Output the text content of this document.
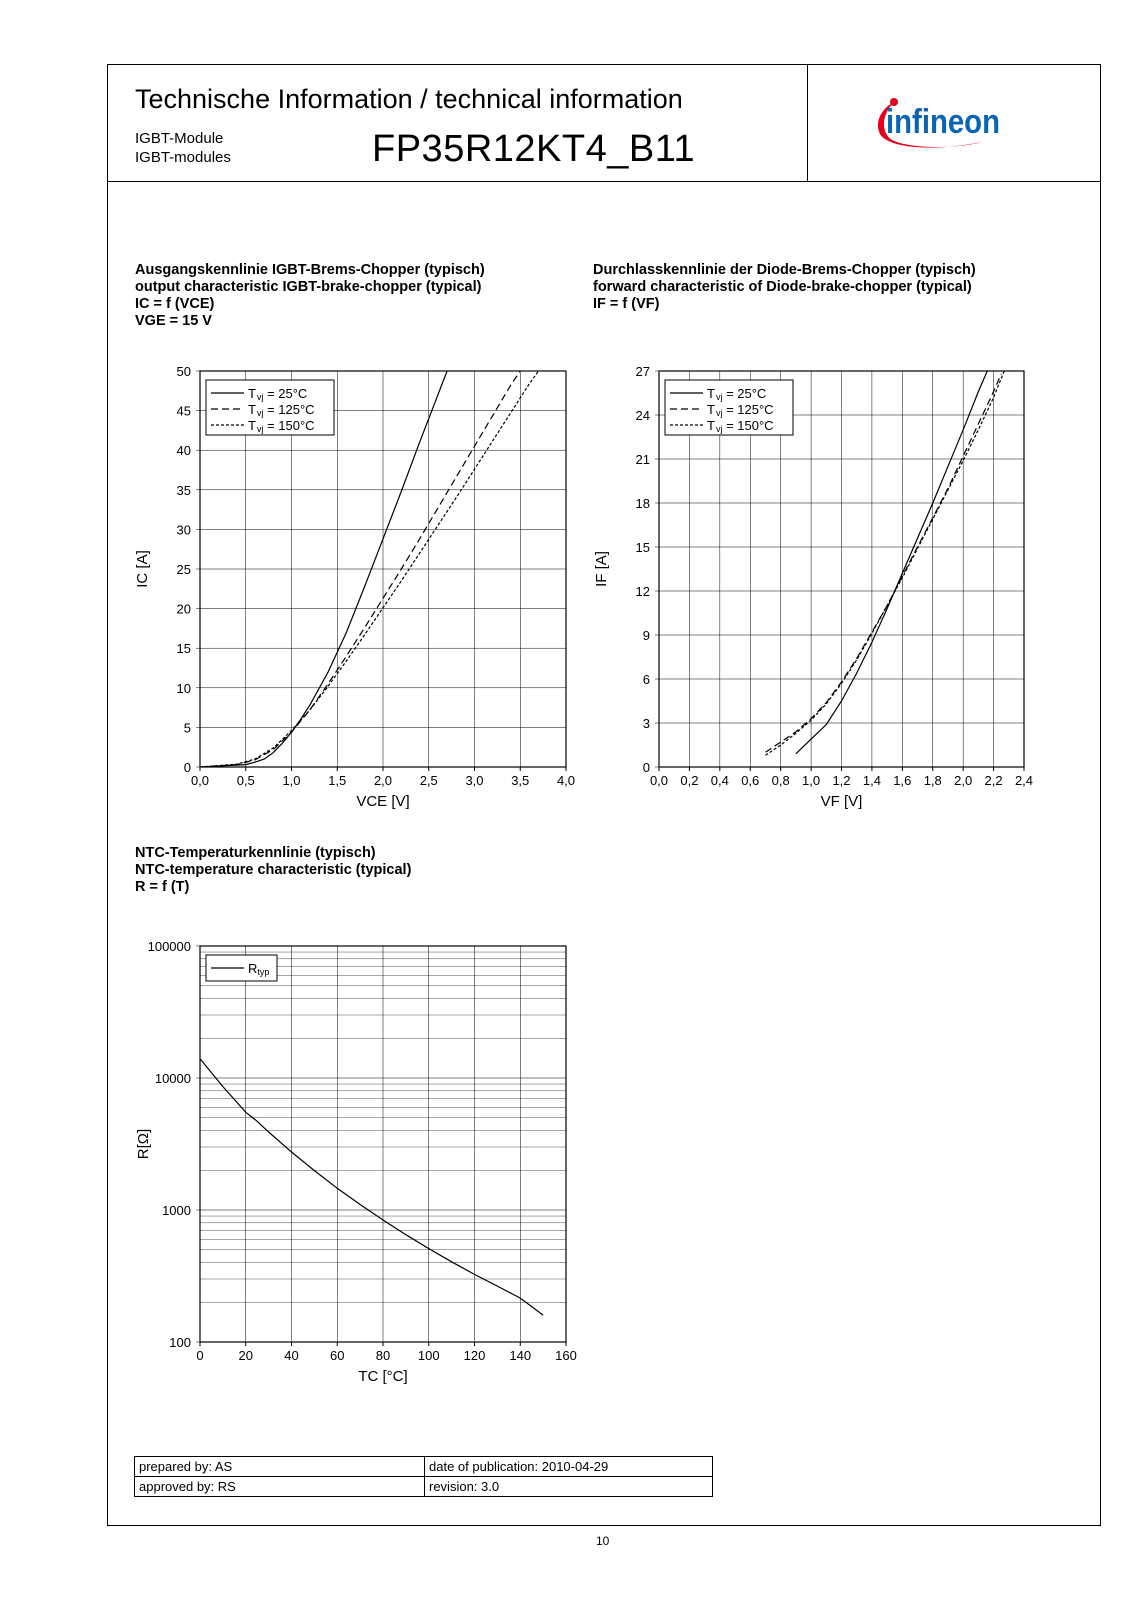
Technische Information / technical information
IGBT-Module
IGBT-modules	FP35R12KT4_B11
infineon
Ausgangskennlinie IGBT-Brems-Chopper (typisch)
output characteristic IGBT-brake-chopper (typical)
IC = f (VCE)
VGE = 15 V
Durchlasskennlinie der Diode-Brems-Chopper (typisch)
forward characteristic of Diode-brake-chopper (typical)
IF = f (VF)
NTC-Temperaturkennlinie (typisch)
NTC-temperature characteristic (typical)
R = f (T)
0,0 0,5 1,0 1,5 2,0 2,5 3,0 3,5 4,0
0
5
10
15
20
25
30
35
40
45
50
VCE [V]
IC [A]
Tvj = 25°C
Tvj = 125°C
Tvj = 150°C
0,0 0,2 0,4 0,6 0,8 1,0 1,2 1,4 1,6 1,8 2,0 2,2 2,4
0
3
6
9
12
15
18
21
24
27
VF [V]
IF [A]
Tvj = 25°C
Tvj = 125°C
Tvj = 150°C
0	20 40 60 80 100 120 140 160
100
1000
10000
100000
TC [°C]
R[Ω]
Rtyp
prepared by: AS	date of publication: 2010-04-29
approved by: RS	revision: 3.0
10
